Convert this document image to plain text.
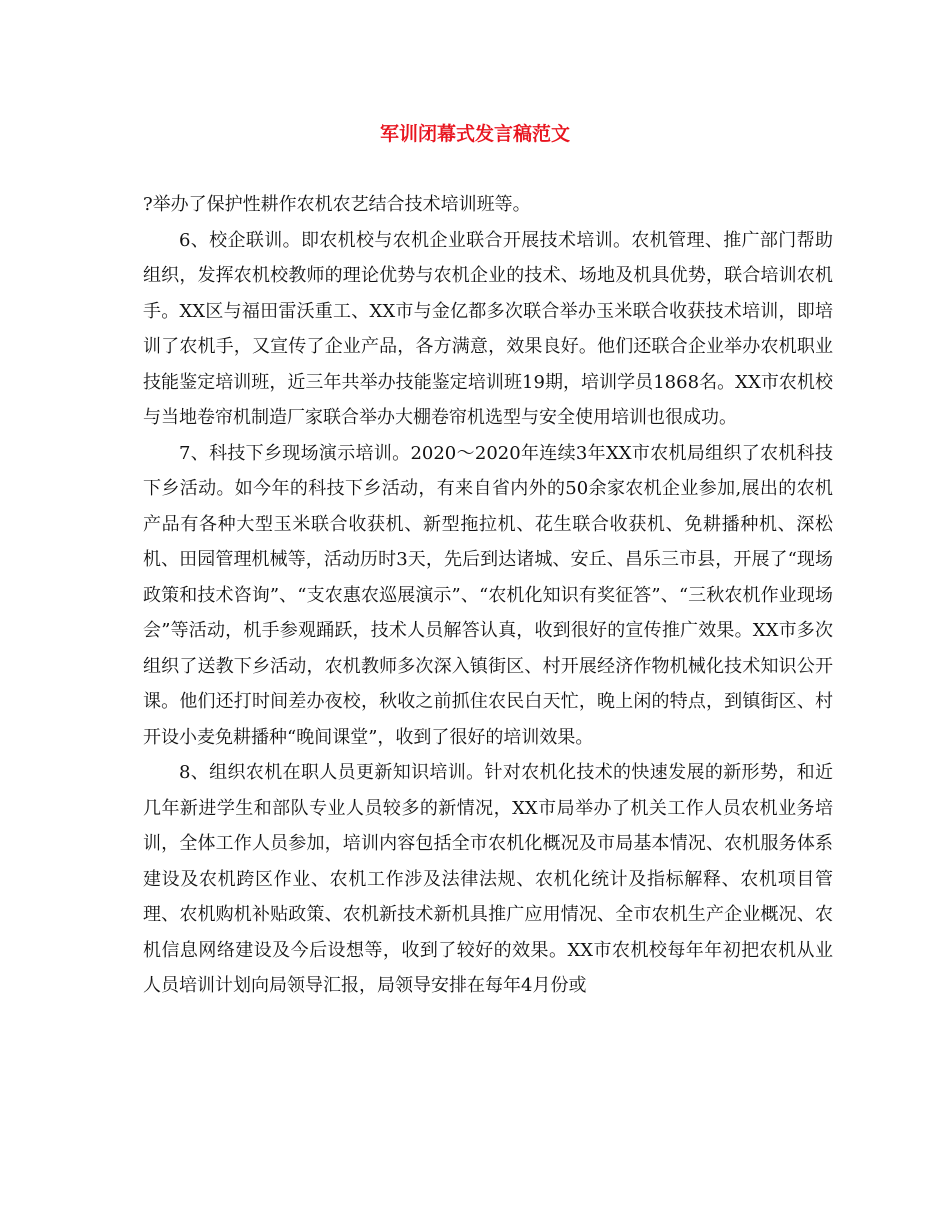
军训闭幕式发言稿范文

?举办了保护性耕作农机农艺结合技术培训班等。

6、校企联训。即农机校与农机企业联合开展技术培训。农机管理、推广部门帮助组织，发挥农机校教师的理论优势与农机企业的技术、场地及机具优势，联合培训农机手。XX区与福田雷沃重工、XX市与金亿都多次联合举办玉米联合收获技术培训，即培训了农机手，又宣传了企业产品，各方满意，效果良好。他们还联合企业举办农机职业技能鉴定培训班，近三年共举办技能鉴定培训班19期，培训学员1868名。XX市农机校与当地卷帘机制造厂家联合举办大棚卷帘机选型与安全使用培训也很成功。

7、科技下乡现场演示培训。2020～2020年连续3年XX市农机局组织了农机科技下乡活动。如今年的科技下乡活动，有来自省内外的50余家农机企业参加,展出的农机产品有各种大型玉米联合收获机、新型拖拉机、花生联合收获机、免耕播种机、深松机、田园管理机械等，活动历时3天，先后到达诸城、安丘、昌乐三市县，开展了“现场政策和技术咨询”、“支农惠农巡展演示”、“农机化知识有奖征答”、“三秋农机作业现场会”等活动，机手参观踊跃，技术人员解答认真，收到很好的宣传推广效果。XX市多次组织了送教下乡活动，农机教师多次深入镇街区、村开展经济作物机械化技术知识公开课。他们还打时间差办夜校，秋收之前抓住农民白天忙，晚上闲的特点，到镇街区、村开设小麦免耕播种“晚间课堂”，收到了很好的培训效果。

8、组织农机在职人员更新知识培训。针对农机化技术的快速发展的新形势，和近几年新进学生和部队专业人员较多的新情况，XX市局举办了机关工作人员农机业务培训，全体工作人员参加，培训内容包括全市农机化概况及市局基本情况、农机服务体系建设及农机跨区作业、农机工作涉及法律法规、农机化统计及指标解释、农机项目管理、农机购机补贴政策、农机新技术新机具推广应用情况、全市农机生产企业概况、农机信息网络建设及今后设想等，收到了较好的效果。XX市农机校每年年初把农机从业人员培训计划向局领导汇报，局领导安排在每年4月份或
